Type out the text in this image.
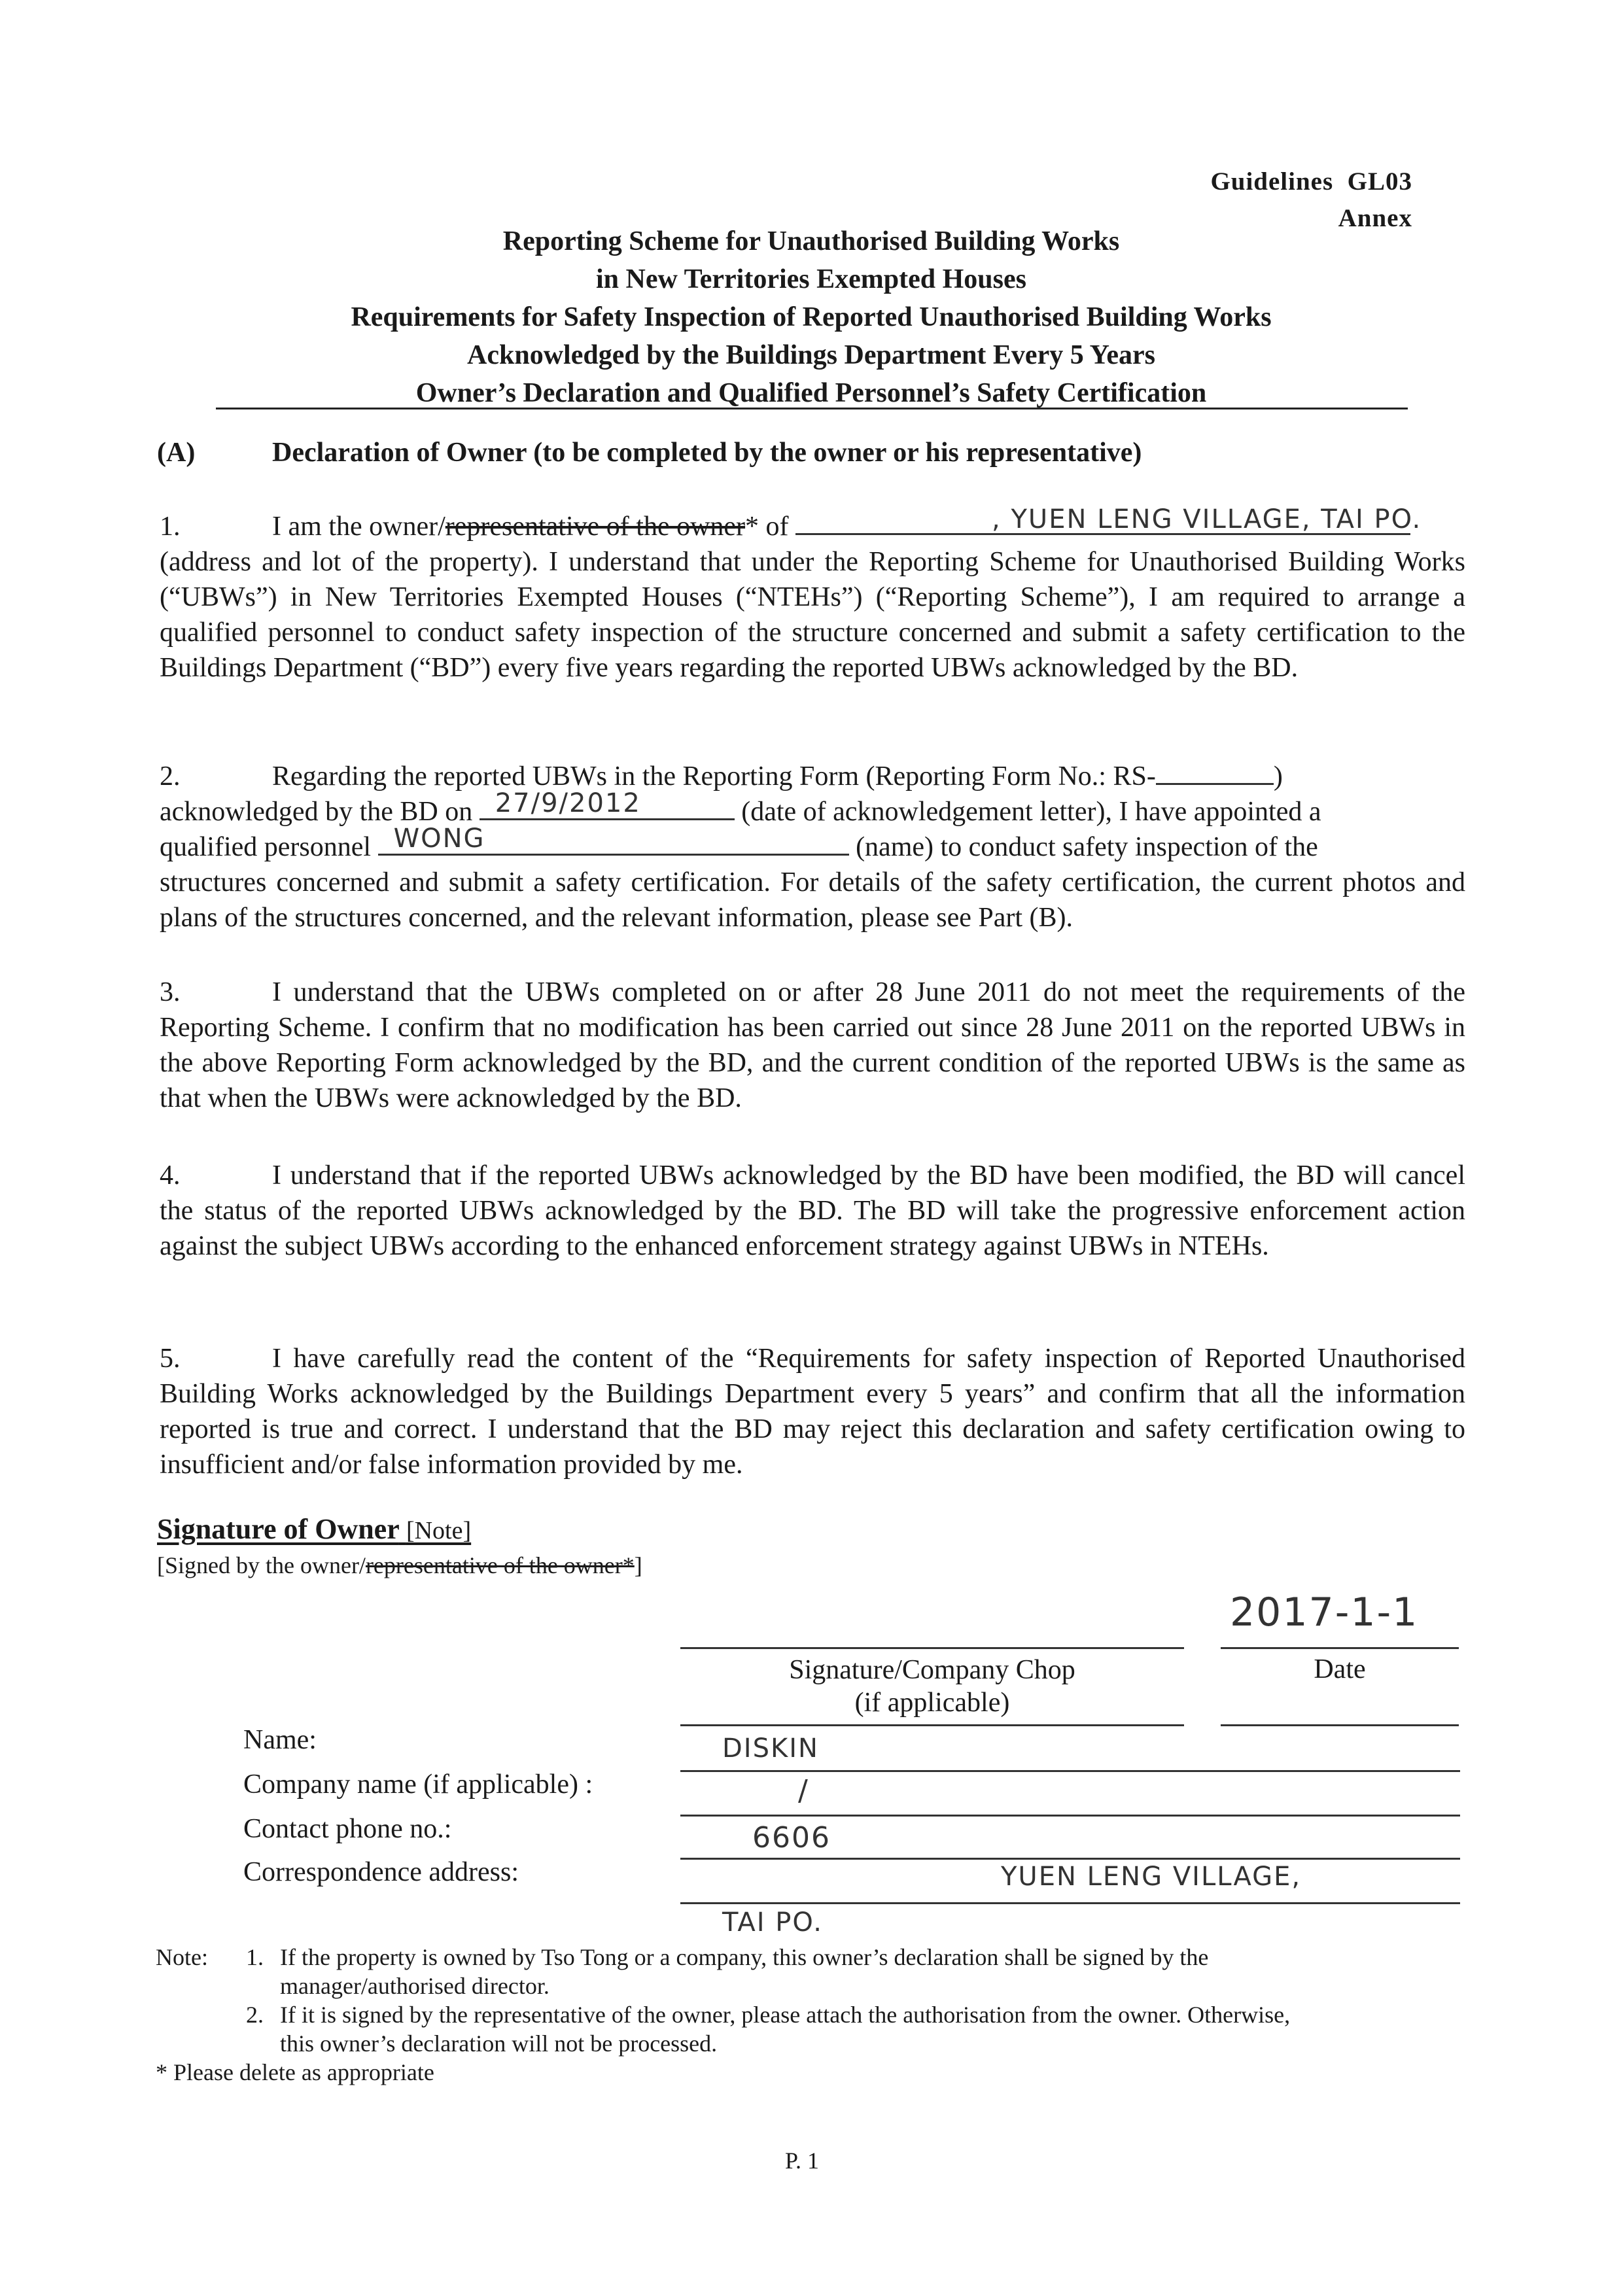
Guidelines  GL03
Annex
Reporting Scheme for Unauthorised Building Works
in New Territories Exempted Houses
Requirements for Safety Inspection of Reported Unauthorised Building Works
Acknowledged by the Buildings Department Every 5 Years
Owner’s Declaration and Qualified Personnel’s Safety Certification
(A)	Declaration of Owner (to be completed by the owner or his representative)
1.	I am the owner/representative of the owner* of	, YUEN LENG VILLAGE, TAI PO.
(address and lot of the property). I understand that under the Reporting Scheme for Unauthorised Building Works (“UBWs”) in New Territories Exempted Houses (“NTEHs”) (“Reporting Scheme”), I am required to arrange a qualified personnel to conduct safety inspection of the structure concerned and submit a safety certification to the Buildings Department (“BD”) every five years regarding the reported UBWs acknowledged by the BD.
2.	Regarding the reported UBWs in the Reporting Form (Reporting Form No.: RS-	)
acknowledged by the BD on 27/9/2012	(date of acknowledgement letter), I have appointed a
qualified personnel WONG	(name) to conduct safety inspection of the
structures concerned and submit a safety certification. For details of the safety certification, the current photos and plans of the structures concerned, and the relevant information, please see Part (B).
3.	I understand that the UBWs completed on or after 28 June 2011 do not meet the requirements of the Reporting Scheme. I confirm that no modification has been carried out since 28 June 2011 on the reported UBWs in the above Reporting Form acknowledged by the BD, and the current condition of the reported UBWs is the same as that when the UBWs were acknowledged by the BD.
4.	I understand that if the reported UBWs acknowledged by the BD have been modified, the BD will cancel the status of the reported UBWs acknowledged by the BD. The BD will take the progressive enforcement action against the subject UBWs according to the enhanced enforcement strategy against UBWs in NTEHs.
5.	I have carefully read the content of the “Requirements for safety inspection of Reported Unauthorised Building Works acknowledged by the Buildings Department every 5 years” and confirm that all the information reported is true and correct. I understand that the BD may reject this declaration and safety certification owing to insufficient and/or false information provided by me.
Signature of Owner [Note]
[Signed by the owner/representative of the owner*]
2017-1-1
Signature/Company Chop
(if applicable)
Date
Name:	DISKIN
Company name (if applicable) :	/
Contact phone no.:	6606
Correspondence address:	YUEN LENG VILLAGE,
TAI PO.
Note: 1. If the property is owned by Tso Tong or a company, this owner’s declaration shall be signed by the
manager/authorised director.
2. If it is signed by the representative of the owner, please attach the authorisation from the owner. Otherwise,
this owner’s declaration will not be processed.
* Please delete as appropriate
P. 1
